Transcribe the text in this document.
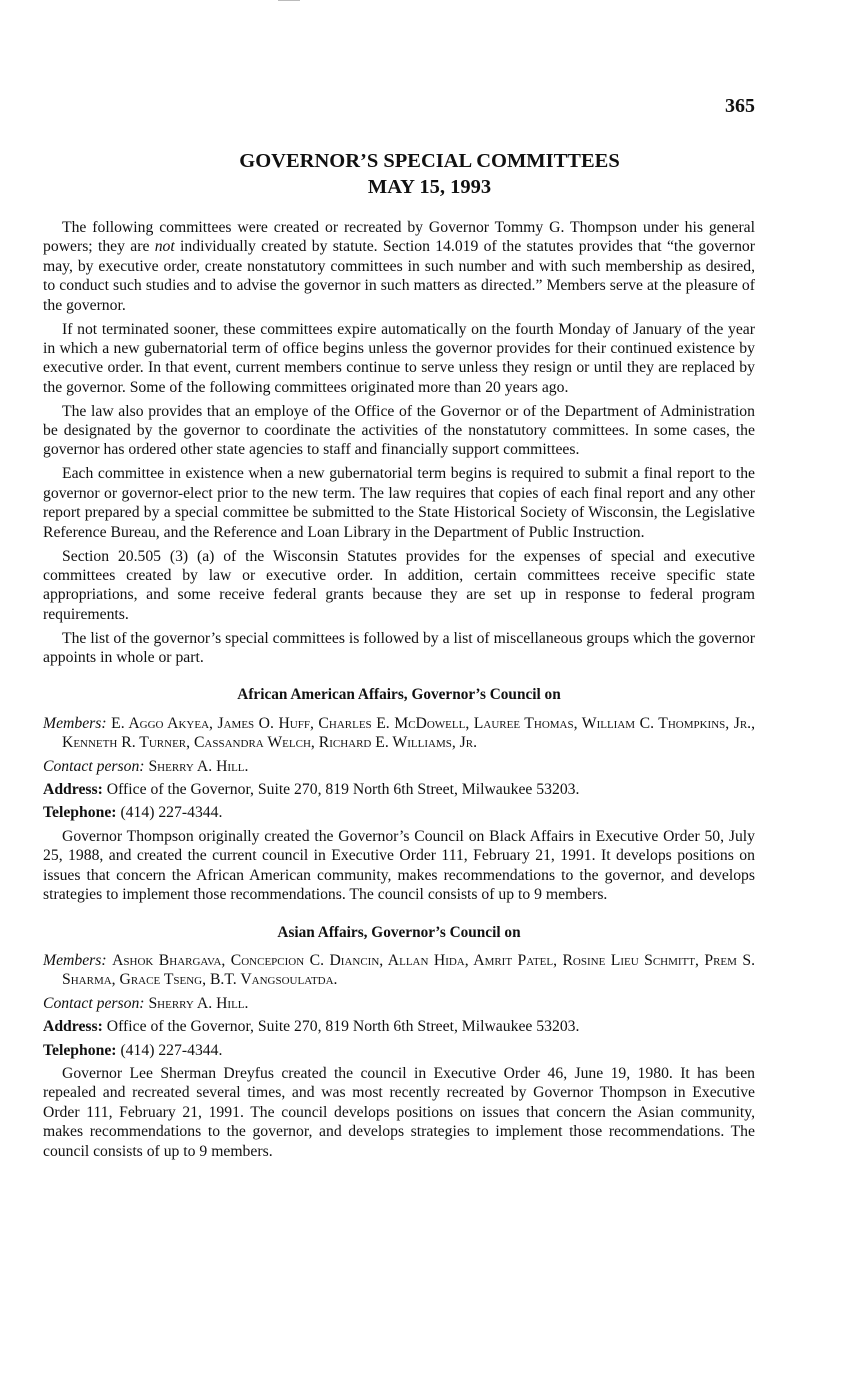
365
GOVERNOR’S SPECIAL COMMITTEES
MAY 15, 1993

The following committees were created or recreated by Governor Tommy G. Thompson under his general powers; they are not individually created by statute. Section 14.019 of the statutes provides that “the governor may, by executive order, create nonstatutory committees in such number and with such membership as desired, to conduct such studies and to advise the governor in such matters as directed.” Members serve at the pleasure of the governor.

If not terminated sooner, these committees expire automatically on the fourth Monday of January of the year in which a new gubernatorial term of office begins unless the governor provides for their continued existence by executive order. In that event, current members continue to serve unless they resign or until they are replaced by the governor. Some of the following committees originated more than 20 years ago.

The law also provides that an employe of the Office of the Governor or of the Department of Administration be designated by the governor to coordinate the activities of the nonstatutory committees. In some cases, the governor has ordered other state agencies to staff and financially support committees.

Each committee in existence when a new gubernatorial term begins is required to submit a final report to the governor or governor-elect prior to the new term. The law requires that copies of each final report and any other report prepared by a special committee be submitted to the State Historical Society of Wisconsin, the Legislative Reference Bureau, and the Reference and Loan Library in the Department of Public Instruction.

Section 20.505 (3) (a) of the Wisconsin Statutes provides for the expenses of special and executive committees created by law or executive order. In addition, certain committees receive specific state appropriations, and some receive federal grants because they are set up in response to federal program requirements.

The list of the governor’s special committees is followed by a list of miscellaneous groups which the governor appoints in whole or part.

African American Affairs, Governor’s Council on

Members: E. Aggo Akyea, James O. Huff, Charles E. McDowell, Lauree Thomas, William C. Thompkins, Jr., Kenneth R. Turner, Cassandra Welch, Richard E. Williams, Jr.

Contact person: Sherry A. Hill.

Address: Office of the Governor, Suite 270, 819 North 6th Street, Milwaukee 53203.

Telephone: (414) 227-4344.

Governor Thompson originally created the Governor’s Council on Black Affairs in Executive Order 50, July 25, 1988, and created the current council in Executive Order 111, February 21, 1991. It develops positions on issues that concern the African American community, makes recommendations to the governor, and develops strategies to implement those recommendations. The council consists of up to 9 members.

Asian Affairs, Governor’s Council on

Members: Ashok Bhargava, Concepcion C. Diancin, Allan Hida, Amrit Patel, Rosine Lieu Schmitt, Prem S. Sharma, Grace Tseng, B.T. Vangsoulatda.

Contact person: Sherry A. Hill.

Address: Office of the Governor, Suite 270, 819 North 6th Street, Milwaukee 53203.

Telephone: (414) 227-4344.

Governor Lee Sherman Dreyfus created the council in Executive Order 46, June 19, 1980. It has been repealed and recreated several times, and was most recently recreated by Governor Thompson in Executive Order 111, February 21, 1991. The council develops positions on issues that concern the Asian community, makes recommendations to the governor, and develops strategies to implement those recommendations. The council consists of up to 9 members.
